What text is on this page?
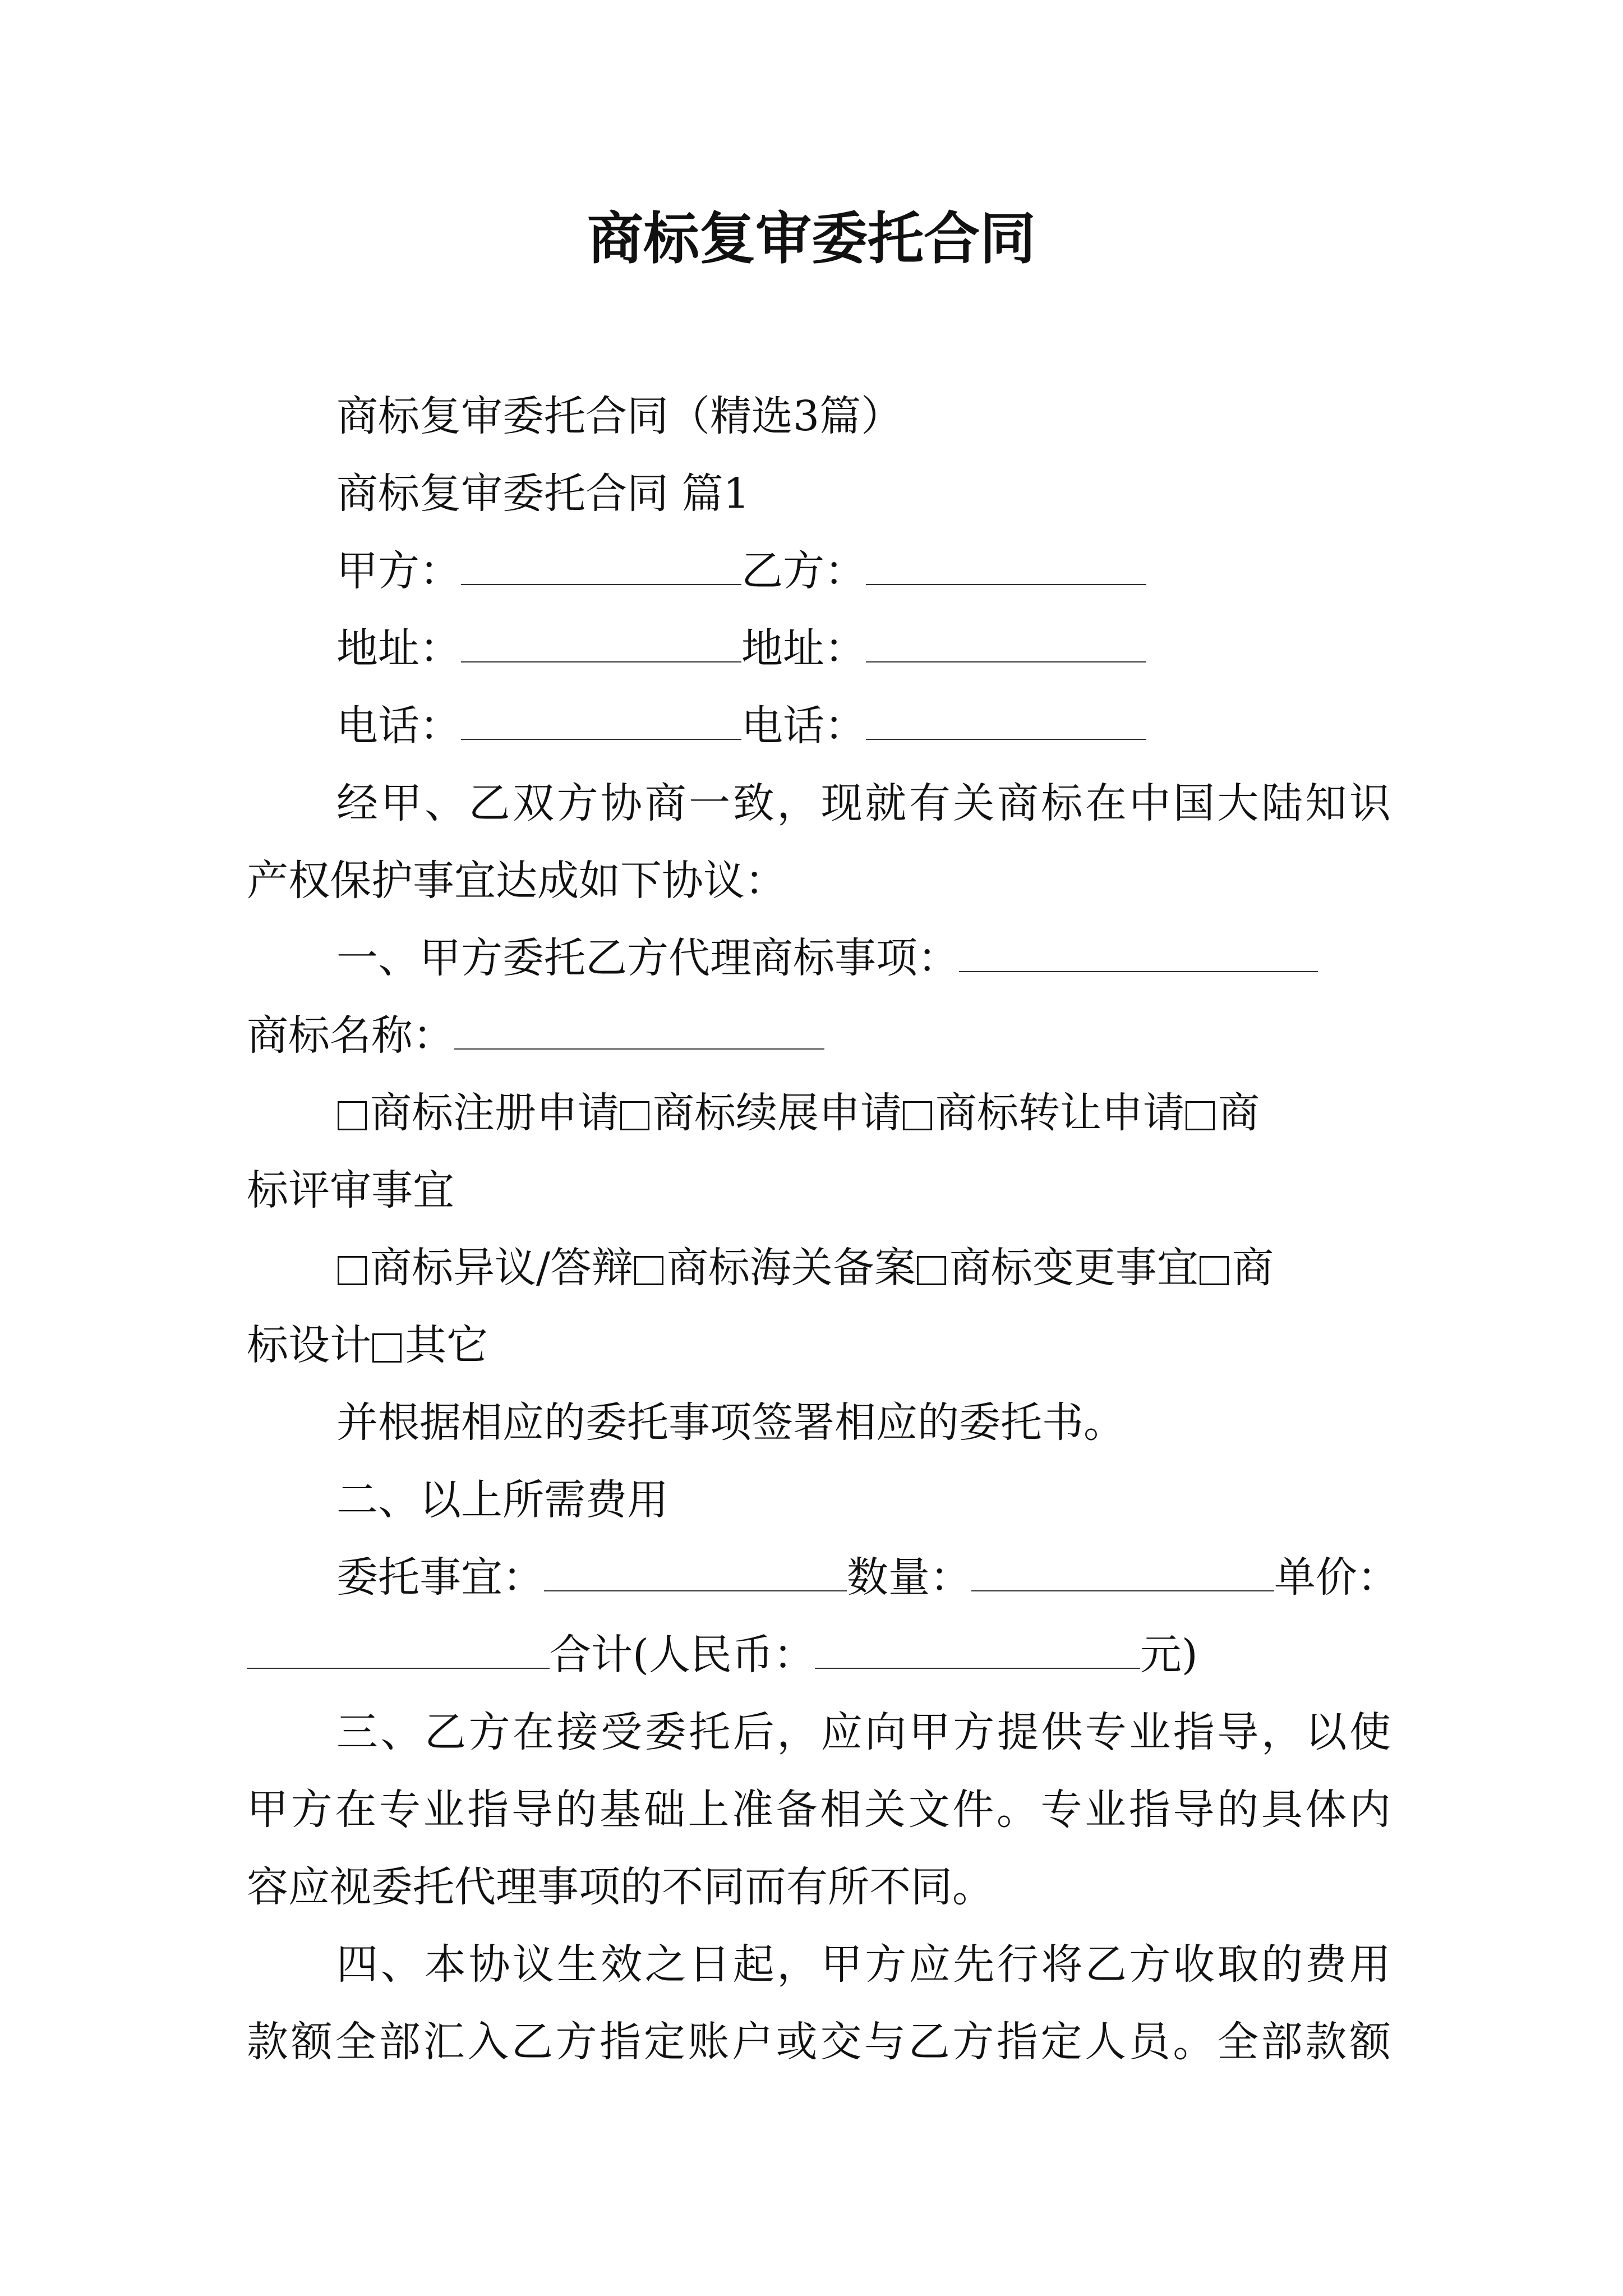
商标复审委托合同
商标复审委托合同（精选3篇）
商标复审委托合同 篇1
甲方：	乙方：
地址：	地址：
电话：	电话：
经甲、乙双方协商一致，现就有关商标在中国大陆知识
产权保护事宜达成如下协议：
一、甲方委托乙方代理商标事项：
商标名称：
商标注册申请 商标续展申请 商标转让申请 商
标评审事宜
商标异议/答辩 商标海关备案 商标变更事宜 商
标设计 其它
并根据相应的委托事项签署相应的委托书。
二、以上所需费用
委托事宜：	数量：	单价：
合计(人民币：	元)
三、乙方在接受委托后，应向甲方提供专业指导，以使
甲方在专业指导的基础上准备相关文件。专业指导的具体内
容应视委托代理事项的不同而有所不同。
四、本协议生效之日起，甲方应先行将乙方收取的费用
款额全部汇入乙方指定账户或交与乙方指定人员。全部款额
